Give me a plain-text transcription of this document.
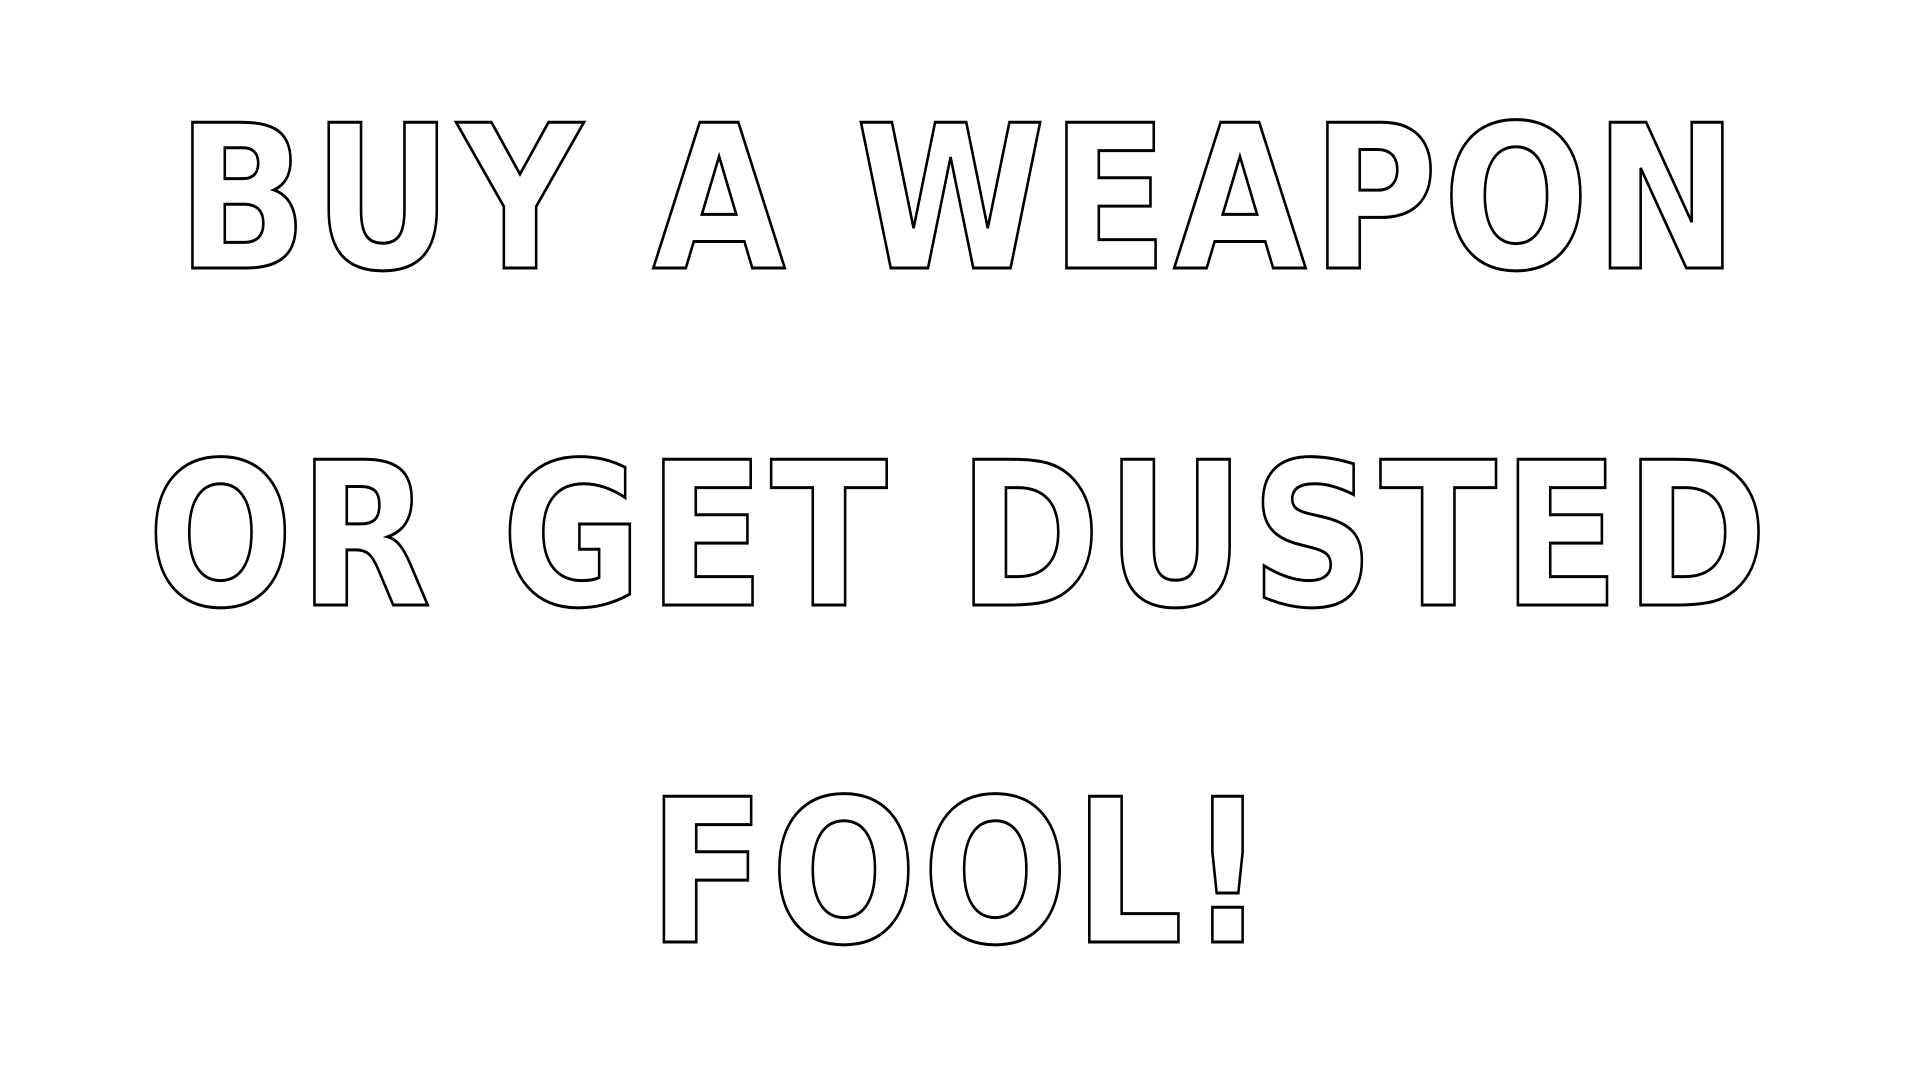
BUY A WEAPON
OR GET DUSTED
FOOL!
